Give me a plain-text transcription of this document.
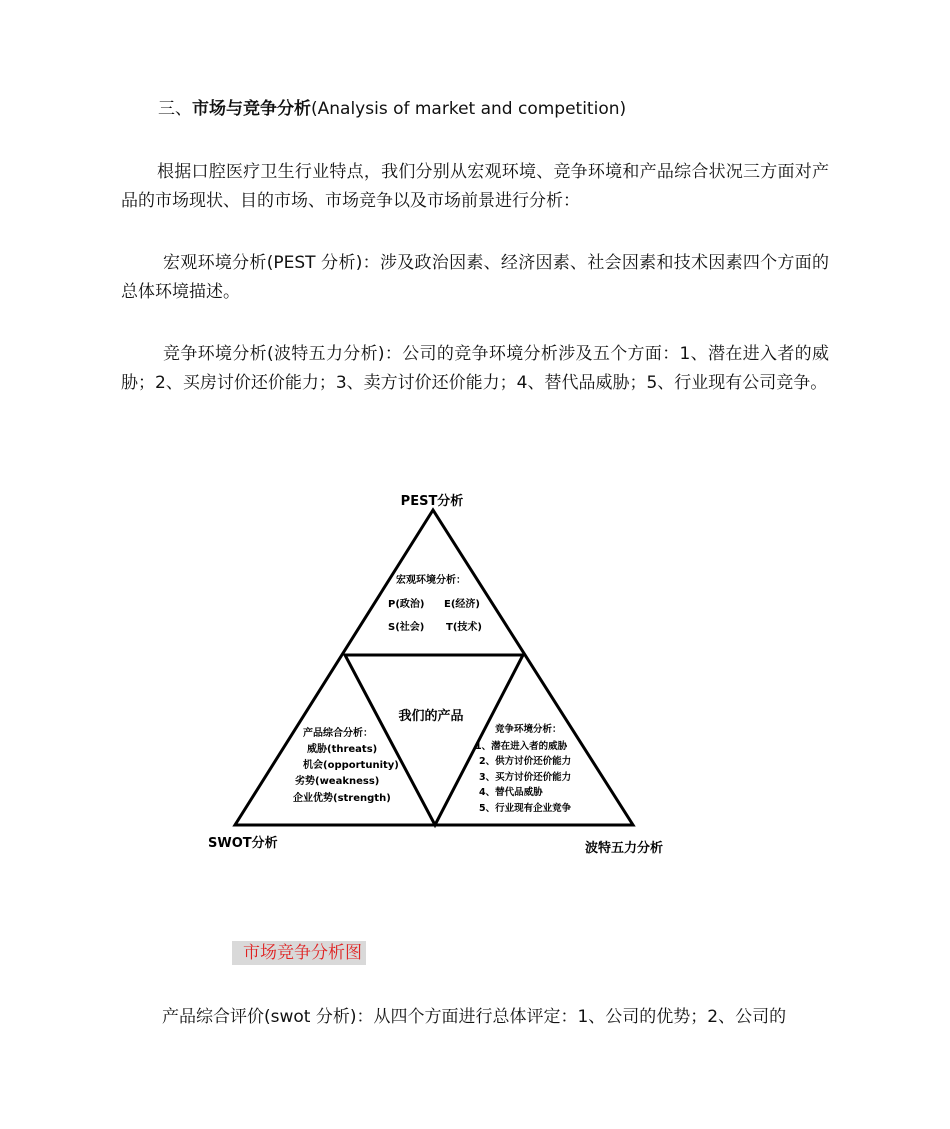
三、市场与竞争分析(Analysis of market and competition)

根据口腔医疗卫生行业特点，我们分别从宏观环境、竞争环境和产品综合状况三方面对产品的市场现状、目的市场、市场竞争以及市场前景进行分析：

宏观环境分析(PEST 分析)：涉及政治因素、经济因素、社会因素和技术因素四个方面的总体环境描述。

竞争环境分析(波特五力分析)：公司的竞争环境分析涉及五个方面：1、潜在进入者的威胁；2、买房讨价还价能力；3、卖方讨价还价能力；4、替代品威胁；5、行业现有公司竞争。

PEST分析
SWOT分析	波特五力分析
宏观环境分析：
P(政治) E(经济)
S(社会) T(技术)
我们的产品
产品综合分析：
威胁(threats)
机会(opportunity)
劣势(weakness)
企业优势(strength)
竞争环境分析：
1、潜在进入者的威胁
2、供方讨价还价能力
3、买方讨价还价能力
4、替代品威胁
5、行业现有企业竞争
市场竞争分析图

产品综合评价(swot 分析)：从四个方面进行总体评定：1、公司的优势；2、公司的
